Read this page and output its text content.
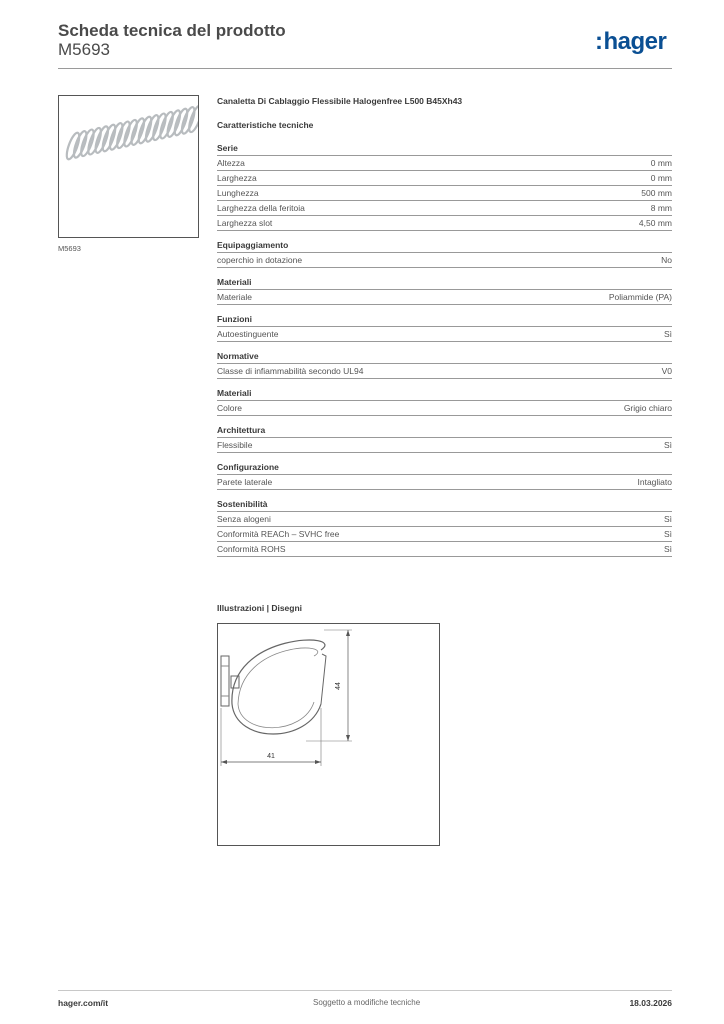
Scheda tecnica del prodotto
M5693	:hager
M5693
Canaletta Di Cablaggio Flessibile Halogenfree L500 B45Xh43
Caratteristiche tecniche
Serie
Altezza	0 mm
Larghezza	0 mm
Lunghezza	500 mm
Larghezza della feritoia	8 mm
Larghezza slot	4,50 mm
Equipaggiamento
coperchio in dotazione	No
Materiali
Materiale	Poliammide (PA)
Funzioni
Autoestinguente	Sì
Normative
Classe di infiammabilità secondo UL94	V0
Materiali
Colore	Grigio chiaro
Architettura
Flessibile	Sì
Configurazione
Parete laterale	Intagliato
Sostenibilità
Senza alogeni	Sì
Conformità REACh – SVHC free	Sì
Conformità ROHS	Sì
Illustrazioni | Disegni
44
41
hager.com/it	Soggetto a modifiche tecniche	18.03.2026
